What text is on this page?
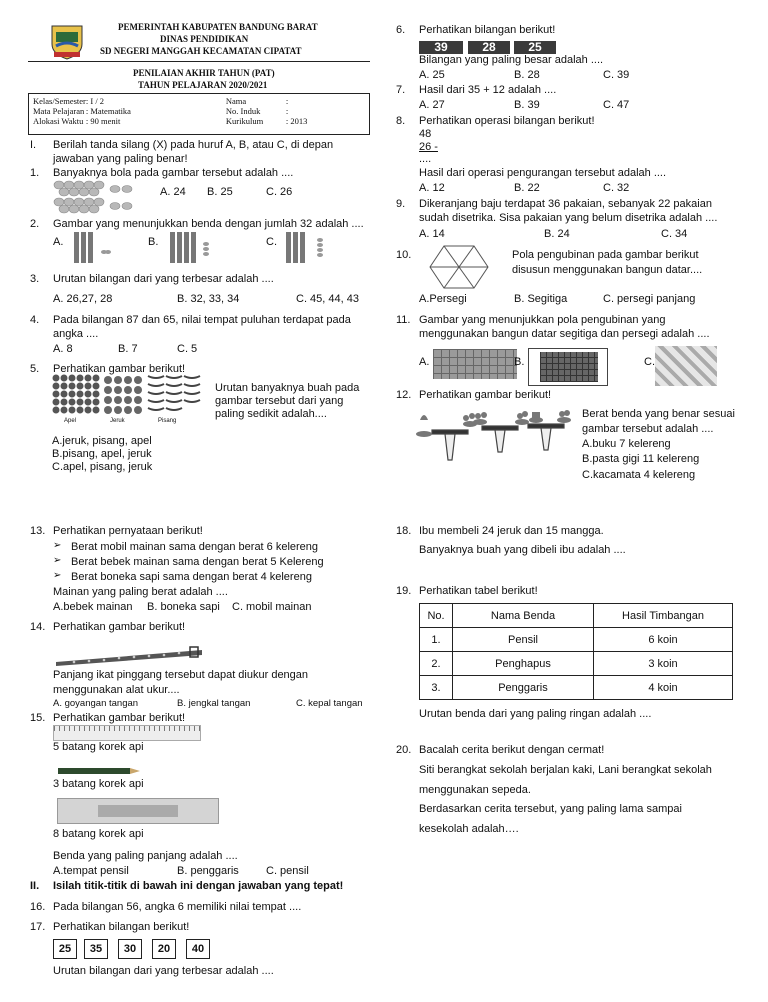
PEMERINTAH KABUPATEN BANDUNG BARAT
DINAS PENDIDIKAN
SD NEGERI MANGGAH KECAMATAN CIPATAT
PENILAIAN AKHIR TAHUN (PAT)
TAHUN PELAJARAN 2020/2021
Kelas/Semester	: I / 2	Nama	:
Mata Pelajaran	: Matematika	No. Induk	:
Alokasi Waktu	: 90 menit	Kurikulum	: 2013
I. Berilah tanda silang (X) pada huruf A, B, atau C, di depan
jawaban yang paling benar!
1. Banyaknya bola pada gambar tersebut adalah ....
A. 24 B. 25	C. 26
2. Gambar yang menunjukkan benda dengan jumlah 32 adalah ....
A.	B.	C.
3. Urutan bilangan dari yang terbesar adalah ....
A. 26,27, 28	B. 32, 33, 34	C. 45, 44, 43
4. Pada bilangan 87 dan 65, nilai tempat puluhan terdapat pada
angka ....
A. 8	B. 7	C. 5
5. Perhatikan gambar berikut!
Apel	Jeruk	Pisang
Urutan banyaknya buah pada
gambar tersebut dari yang
paling sedikit adalah....
A.jeruk, pisang, apel
B.pisang, apel, jeruk
C.apel, pisang, jeruk
6. Perhatikan bilangan berikut!
39	28	25
Bilangan yang paling besar adalah ....
A. 25	B. 28	C. 39
7. Hasil dari 35 + 12 adalah ....
A. 27	B. 39	C. 47
8. Perhatikan operasi bilangan berikut!
48
26 -
....
Hasil dari operasi pengurangan tersebut adalah ....
A. 12	B. 22	C. 32
9. Dikeranjang baju terdapat 36 pakaian, sebanyak 22 pakaian
sudah disetrika. Sisa pakaian yang belum disetrika adalah ....
A. 14	B. 24	C. 34
10.	Pola pengubinan pada gambar berikut
disusun menggunakan bangun datar....
A.Persegi	B. Segitiga	C. persegi panjang
11. Gambar yang menunjukkan pola pengubinan yang
menggunakan bangun datar segitiga dan persegi adalah ....
A.	B.	C.
12. Perhatikan gambar berikut!
Berat benda yang benar sesuai
gambar tersebut adalah ....
A.buku 7 kelereng
B.pasta gigi 11 kelereng
C.kacamata 4 kelereng
13. Perhatikan pernyataan berikut!
➢ Berat mobil mainan sama dengan berat 6 kelereng
➢ Berat bebek mainan sama dengan berat 5 Kelereng
➢ Berat boneka sapi sama dengan berat 4 kelereng
Mainan yang paling berat adalah ....
A.bebek mainan B. boneka sapi C. mobil mainan
14. Perhatikan gambar berikut!
Panjang ikat pinggang tersebut dapat diukur dengan
menggunakan alat ukur....
A. goyangan tangan	B. jengkal tangan	C. kepal tangan
15. Perhatikan gambar berikut!
5 batang korek api
3 batang korek api
8 batang korek api
Benda yang paling panjang adalah ....
A.tempat pensil	B. penggaris C. pensil
II. Isilah titik-titik di bawah ini dengan jawaban yang tepat!
16. Pada bilangan 56, angka 6 memiliki nilai tempat ....
17. Perhatikan bilangan berikut!
25	35	30	20	40
Urutan bilangan dari yang terbesar adalah ....
18. Ibu membeli 24 jeruk dan 15 mangga.
Banyaknya buah yang dibeli ibu adalah ....
19. Perhatikan tabel berikut!
No.	Nama Benda	Hasil Timbangan
1.	Pensil	6 koin
2.	Penghapus	3 koin
3.	Penggaris	4 koin
Urutan benda dari yang paling ringan adalah ....
20. Bacalah cerita berikut dengan cermat!
Siti berangkat sekolah berjalan kaki, Lani berangkat sekolah
menggunakan sepeda.
Berdasarkan cerita tersebut, yang paling lama sampai
kesekolah adalah….
